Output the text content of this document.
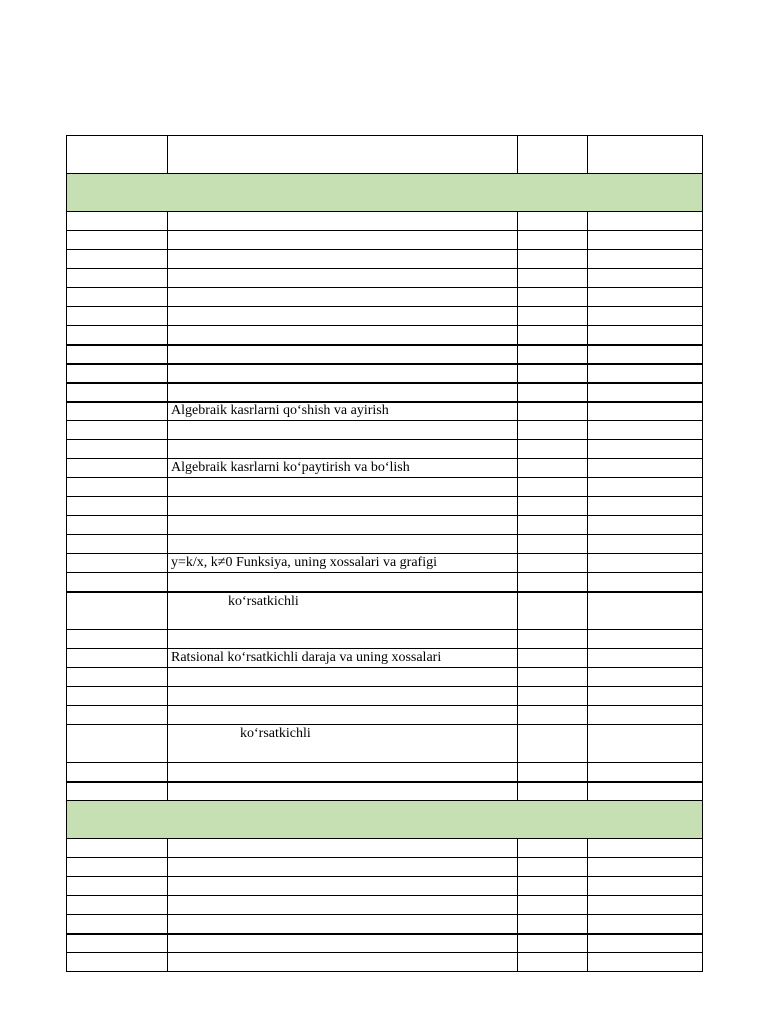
	Algebraik kasrlarni qoʻshish va ayirish		

	Algebraik kasrlarni koʻpaytirish va boʻlish		

	y=k/x, k≠0 Funksiya, uning xossalari va grafigi		

	koʻrsatkichli		

	Ratsional koʻrsatkichli daraja va uning xossalari		

	koʻrsatkichli		
